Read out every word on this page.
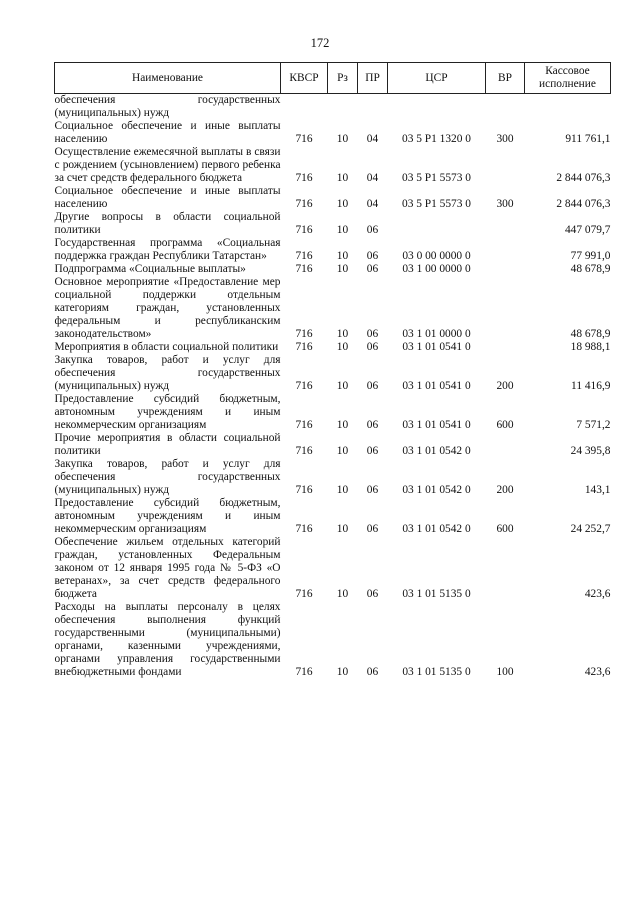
172
Наименование	КВСР	Рз	ПР	ЦСР	ВР	Кассовое исполнение
обеспечения государственных (муниципальных) нужд						
Социальное обеспечение и иные выплаты населению	716	10	04	03 5 P1 1320 0	300	911 761,1
Осуществление ежемесячной выплаты в связи с рождением (усыновлением) первого ребенка за счет средств федерального бюджета	716	10	04	03 5 P1 5573 0		2 844 076,3
Социальное обеспечение и иные выплаты населению	716	10	04	03 5 P1 5573 0	300	2 844 076,3
Другие вопросы в области социальной политики	716	10	06			447 079,7
Государственная программа «Социальная поддержка граждан Республики Татарстан»	716	10	06	03 0 00 0000 0		77 991,0
Подпрограмма «Социальные выплаты»	716	10	06	03 1 00 0000 0		48 678,9
Основное мероприятие «Предоставление мер социальной поддержки отдельным категориям граждан, установленных федеральным и республиканским законодательством»	716	10	06	03 1 01 0000 0		48 678,9
Мероприятия в области социальной политики	716	10	06	03 1 01 0541 0		18 988,1
Закупка товаров, работ и услуг для обеспечения государственных (муниципальных) нужд	716	10	06	03 1 01 0541 0	200	11 416,9
Предоставление субсидий бюджетным, автономным учреждениям и иным некоммерческим организациям	716	10	06	03 1 01 0541 0	600	7 571,2
Прочие мероприятия в области социальной политики	716	10	06	03 1 01 0542 0		24 395,8
Закупка товаров, работ и услуг для обеспечения государственных (муниципальных) нужд	716	10	06	03 1 01 0542 0	200	143,1
Предоставление субсидий бюджетным, автономным учреждениям и иным некоммерческим организациям	716	10	06	03 1 01 0542 0	600	24 252,7
Обеспечение жильем отдельных категорий граждан, установленных Федеральным законом от 12 января 1995 года № 5-ФЗ «О ветеранах», за счет средств федерального бюджета	716	10	06	03 1 01 5135 0		423,6
Расходы на выплаты персоналу в целях обеспечения выполнения функций государственными (муниципальными) органами, казенными учреждениями, органами управления государственными внебюджетными фондами	716	10	06	03 1 01 5135 0	100	423,6
